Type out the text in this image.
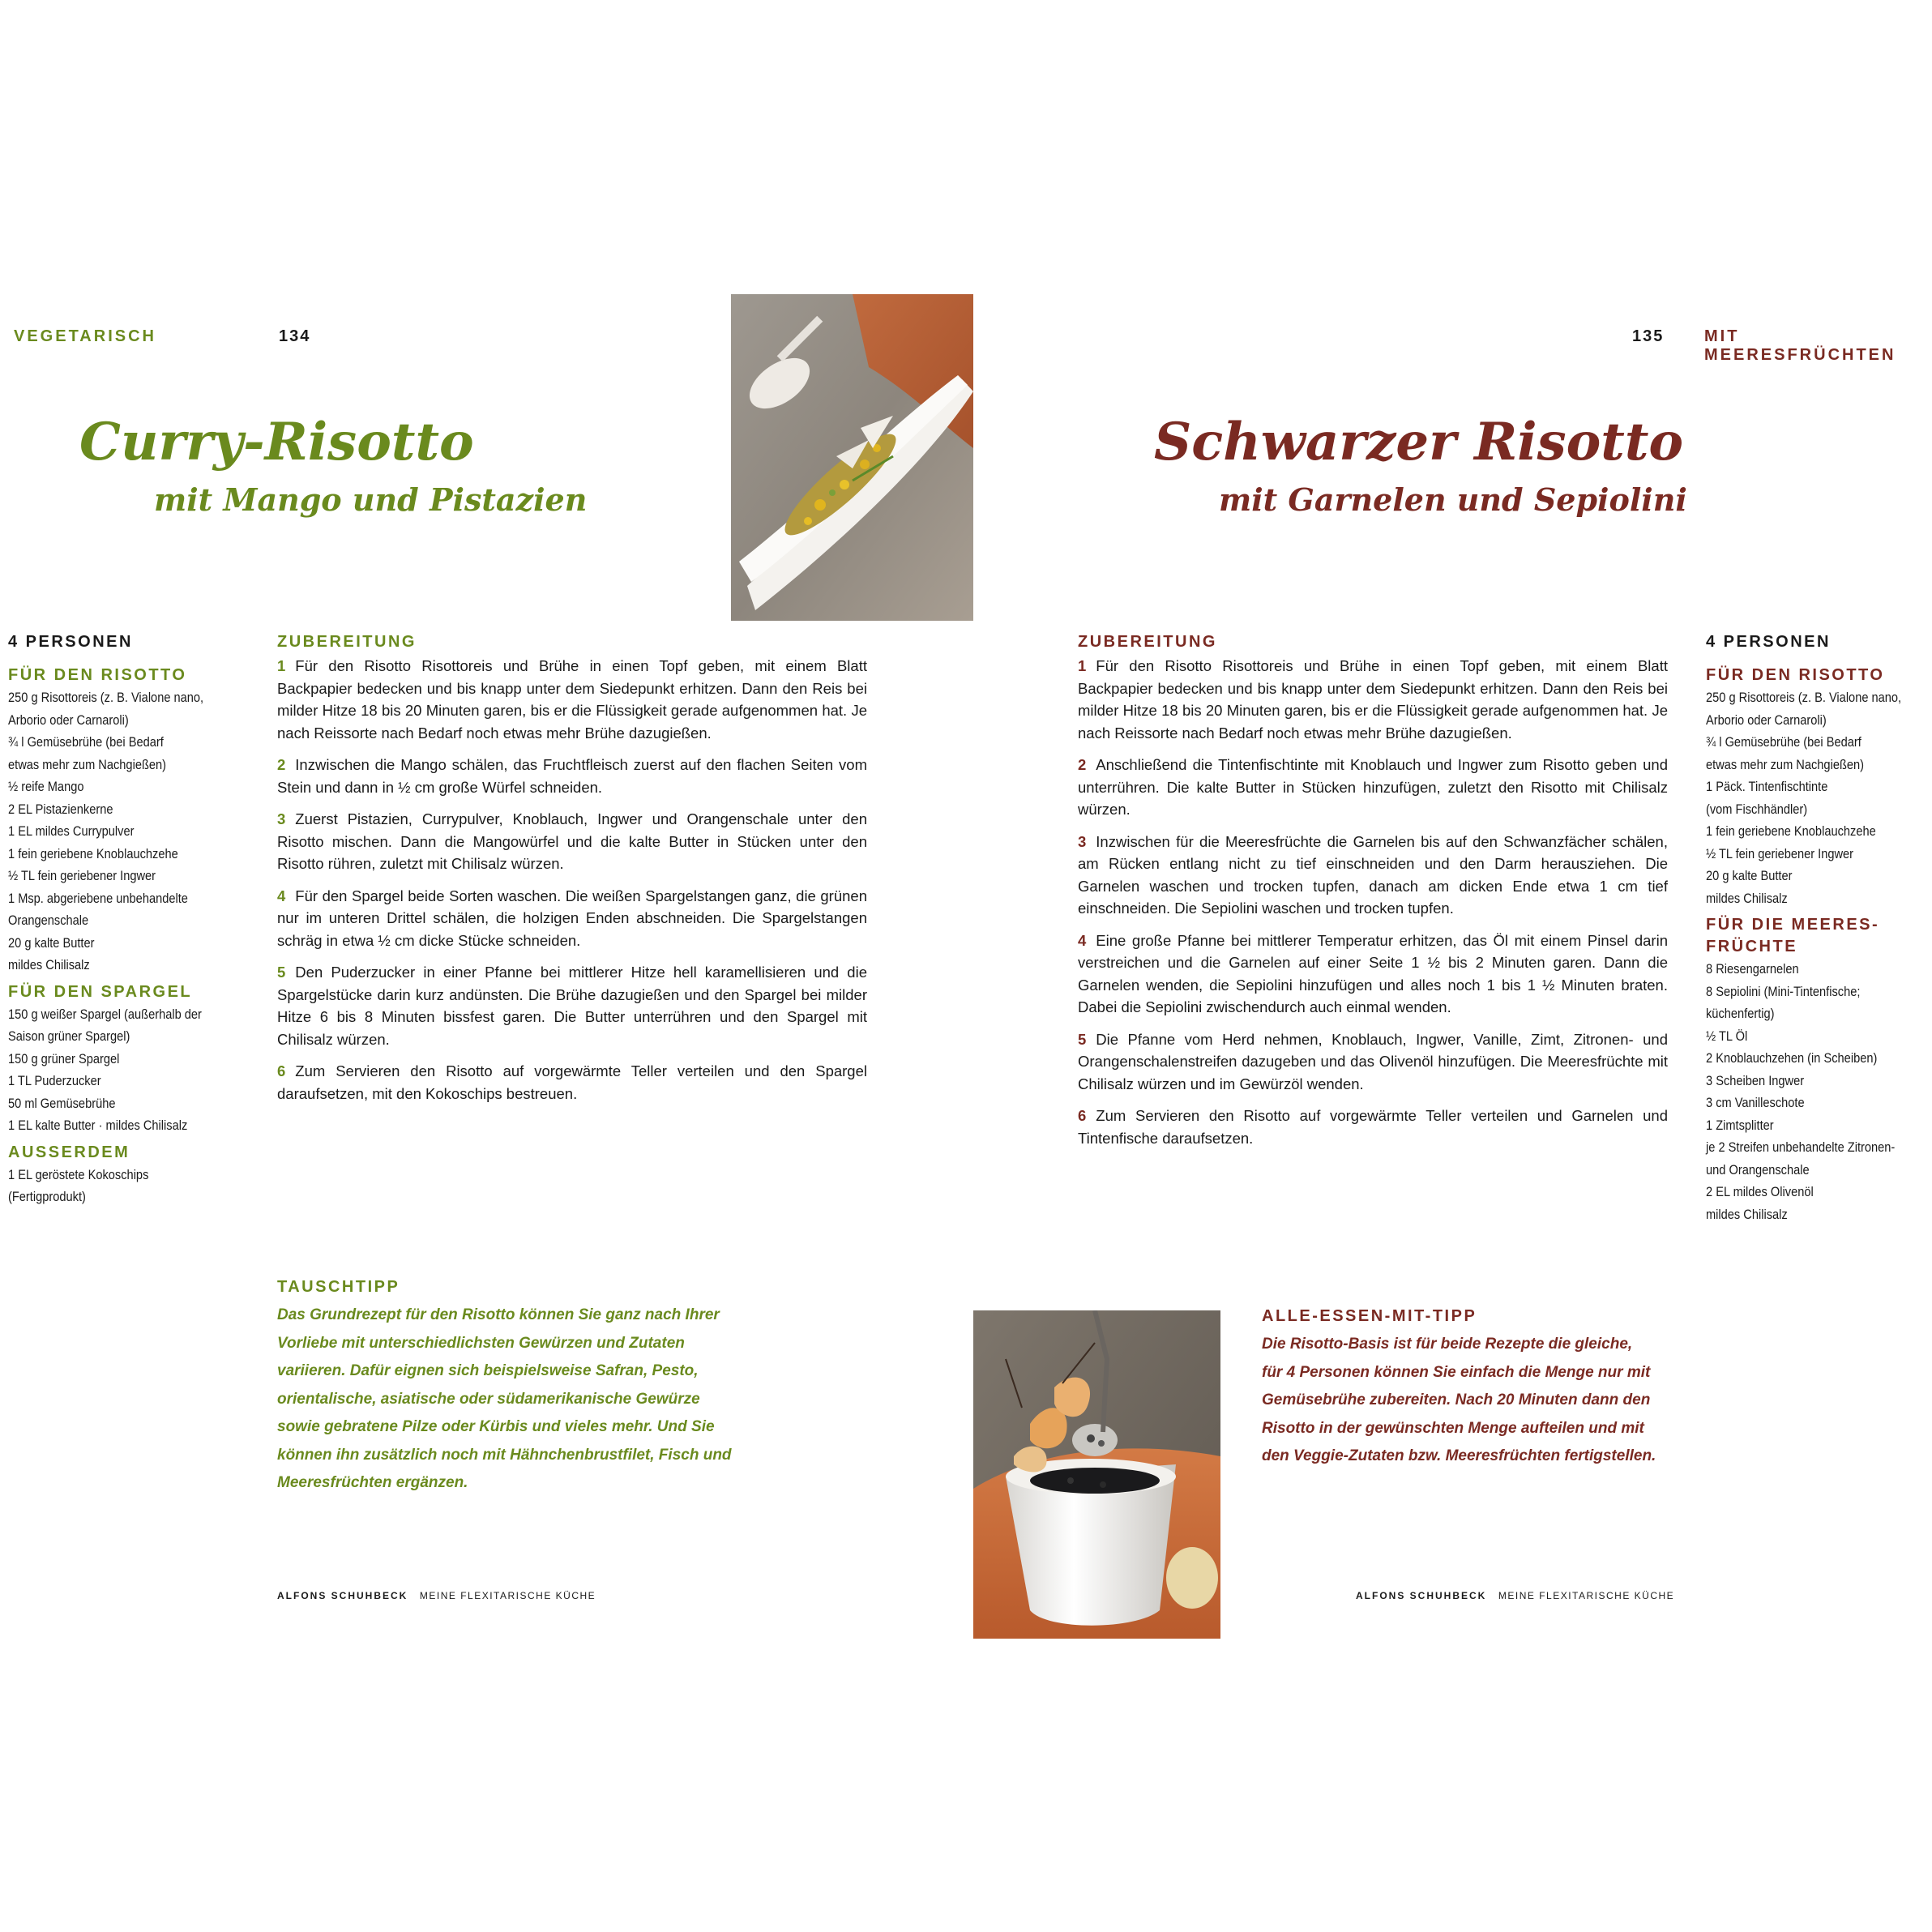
VEGETARISCH	134
Curry-Risotto
mit Mango und Pistazien
4 PERSONEN
FÜR DEN RISOTTO
250 g Risottoreis (z. B. Vialone nano,
Arborio oder Carnaroli)
¾ l Gemüsebrühe (bei Bedarf
etwas mehr zum Nachgießen)
½ reife Mango
2 EL Pistazienkerne
1 EL mildes Currypulver
1 fein geriebene Knoblauchzehe
½ TL fein geriebener Ingwer
1 Msp. abgeriebene unbehandelte
Orangenschale
20 g kalte Butter
mildes Chilisalz
FÜR DEN SPARGEL
150 g weißer Spargel (außerhalb der
Saison grüner Spargel)
150 g grüner Spargel
1 TL Puderzucker
50 ml Gemüsebrühe
1 EL kalte Butter · mildes Chilisalz
AUSSERDEM
1 EL geröstete Kokoschips
(Fertigprodukt)
ZUBEREITUNG

1 Für den Risotto Risottoreis und Brühe in einen Topf geben, mit einem Blatt Backpapier bedecken und bis knapp unter dem Siedepunkt erhitzen. Dann den Reis bei milder Hitze 18 bis 20 Minuten garen, bis er die Flüssigkeit gerade aufgenommen hat. Je nach Reissorte nach Bedarf noch etwas mehr Brühe dazugießen.

2 Inzwischen die Mango schälen, das Fruchtfleisch zuerst auf den flachen Seiten vom Stein und dann in ½ cm große Würfel schneiden.

3 Zuerst Pistazien, Currypulver, Knoblauch, Ingwer und Orangenschale unter den Risotto mischen. Dann die Mangowürfel und die kalte Butter in Stücken unter den Risotto rühren, zuletzt mit Chilisalz würzen.

4 Für den Spargel beide Sorten waschen. Die weißen Spargelstangen ganz, die grünen nur im unteren Drittel schälen, die holzigen Enden abschneiden. Die Spargelstangen schräg in etwa ½ cm dicke Stücke schneiden.

5 Den Puderzucker in einer Pfanne bei mittlerer Hitze hell karamellisieren und die Spargelstücke darin kurz andünsten. Die Brühe dazugießen und den Spargel bei milder Hitze 6 bis 8 Minuten bissfest garen. Die Butter unterrühren und den Spargel mit Chilisalz würzen.

6 Zum Servieren den Risotto auf vorgewärmte Teller verteilen und den Spargel daraufsetzen, mit den Kokoschips bestreuen.

TAUSCHTIPP
Das Grundrezept für den Risotto können Sie ganz nach Ihrer
Vorliebe mit unterschiedlichsten Gewürzen und Zutaten
variieren. Dafür eignen sich beispielsweise Safran, Pesto,
orientalische, asiatische oder südamerikanische Gewürze
sowie gebratene Pilze oder Kürbis und vieles mehr. Und Sie
können ihn zusätzlich noch mit Hähnchenbrustfilet, Fisch und
Meeresfrüchten ergänzen.
ALFONS SCHUHBECK MEINE FLEXITARISCHE KÜCHE
135 MIT MEERESFRÜCHTEN
Schwarzer Risotto
mit Garnelen und Sepiolini
ZUBEREITUNG

1 Für den Risotto Risottoreis und Brühe in einen Topf geben, mit einem Blatt Backpapier bedecken und bis knapp unter dem Siedepunkt erhitzen. Dann den Reis bei milder Hitze 18 bis 20 Minuten garen, bis er die Flüssigkeit gerade aufgenommen hat. Je nach Reissorte nach Bedarf noch etwas mehr Brühe dazugießen.

2 Anschließend die Tintenfischtinte mit Knoblauch und Ingwer zum Risotto geben und unterrühren. Die kalte Butter in Stücken hinzufügen, zuletzt den Risotto mit Chilisalz würzen.

3 Inzwischen für die Meeresfrüchte die Garnelen bis auf den Schwanzfächer schälen, am Rücken entlang nicht zu tief einschneiden und den Darm herausziehen. Die Garnelen waschen und trocken tupfen, danach am dicken Ende etwa 1 cm tief einschneiden. Die Sepiolini waschen und trocken tupfen.

4 Eine große Pfanne bei mittlerer Temperatur erhitzen, das Öl mit einem Pinsel darin verstreichen und die Garnelen auf einer Seite 1 ½ bis 2 Minuten garen. Dann die Garnelen wenden, die Sepiolini hinzufügen und alles noch 1 bis 1 ½ Minuten braten. Dabei die Sepiolini zwischendurch auch einmal wenden.

5 Die Pfanne vom Herd nehmen, Knoblauch, Ingwer, Vanille, Zimt, Zitronen- und Orangenschalenstreifen dazugeben und das Olivenöl hinzufügen. Die Meeresfrüchte mit Chilisalz würzen und im Gewürzöl wenden.

6 Zum Servieren den Risotto auf vorgewärmte Teller verteilen und Garnelen und Tintenfische daraufsetzen.

4 PERSONEN
FÜR DEN RISOTTO
250 g Risottoreis (z. B. Vialone nano,
Arborio oder Carnaroli)
¾ l Gemüsebrühe (bei Bedarf
etwas mehr zum Nachgießen)
1 Päck. Tintenfischtinte
(vom Fischhändler)
1 fein geriebene Knoblauchzehe
½ TL fein geriebener Ingwer
20 g kalte Butter
mildes Chilisalz
FÜR DIE MEERES-
FRÜCHTE
8 Riesengarnelen
8 Sepiolini (Mini-Tintenfische;
küchenfertig)
½ TL Öl
2 Knoblauchzehen (in Scheiben)
3 Scheiben Ingwer
3 cm Vanilleschote
1 Zimtsplitter
je 2 Streifen unbehandelte Zitronen-
und Orangenschale
2 EL mildes Olivenöl
mildes Chilisalz
ALLE-ESSEN-MIT-TIPP
Die Risotto-Basis ist für beide Rezepte die gleiche,
für 4 Personen können Sie einfach die Menge nur mit
Gemüsebrühe zubereiten. Nach 20 Minuten dann den
Risotto in der gewünschten Menge aufteilen und mit
den Veggie-Zutaten bzw. Meeresfrüchten fertigstellen.
ALFONS SCHUHBECK MEINE FLEXITARISCHE KÜCHE
